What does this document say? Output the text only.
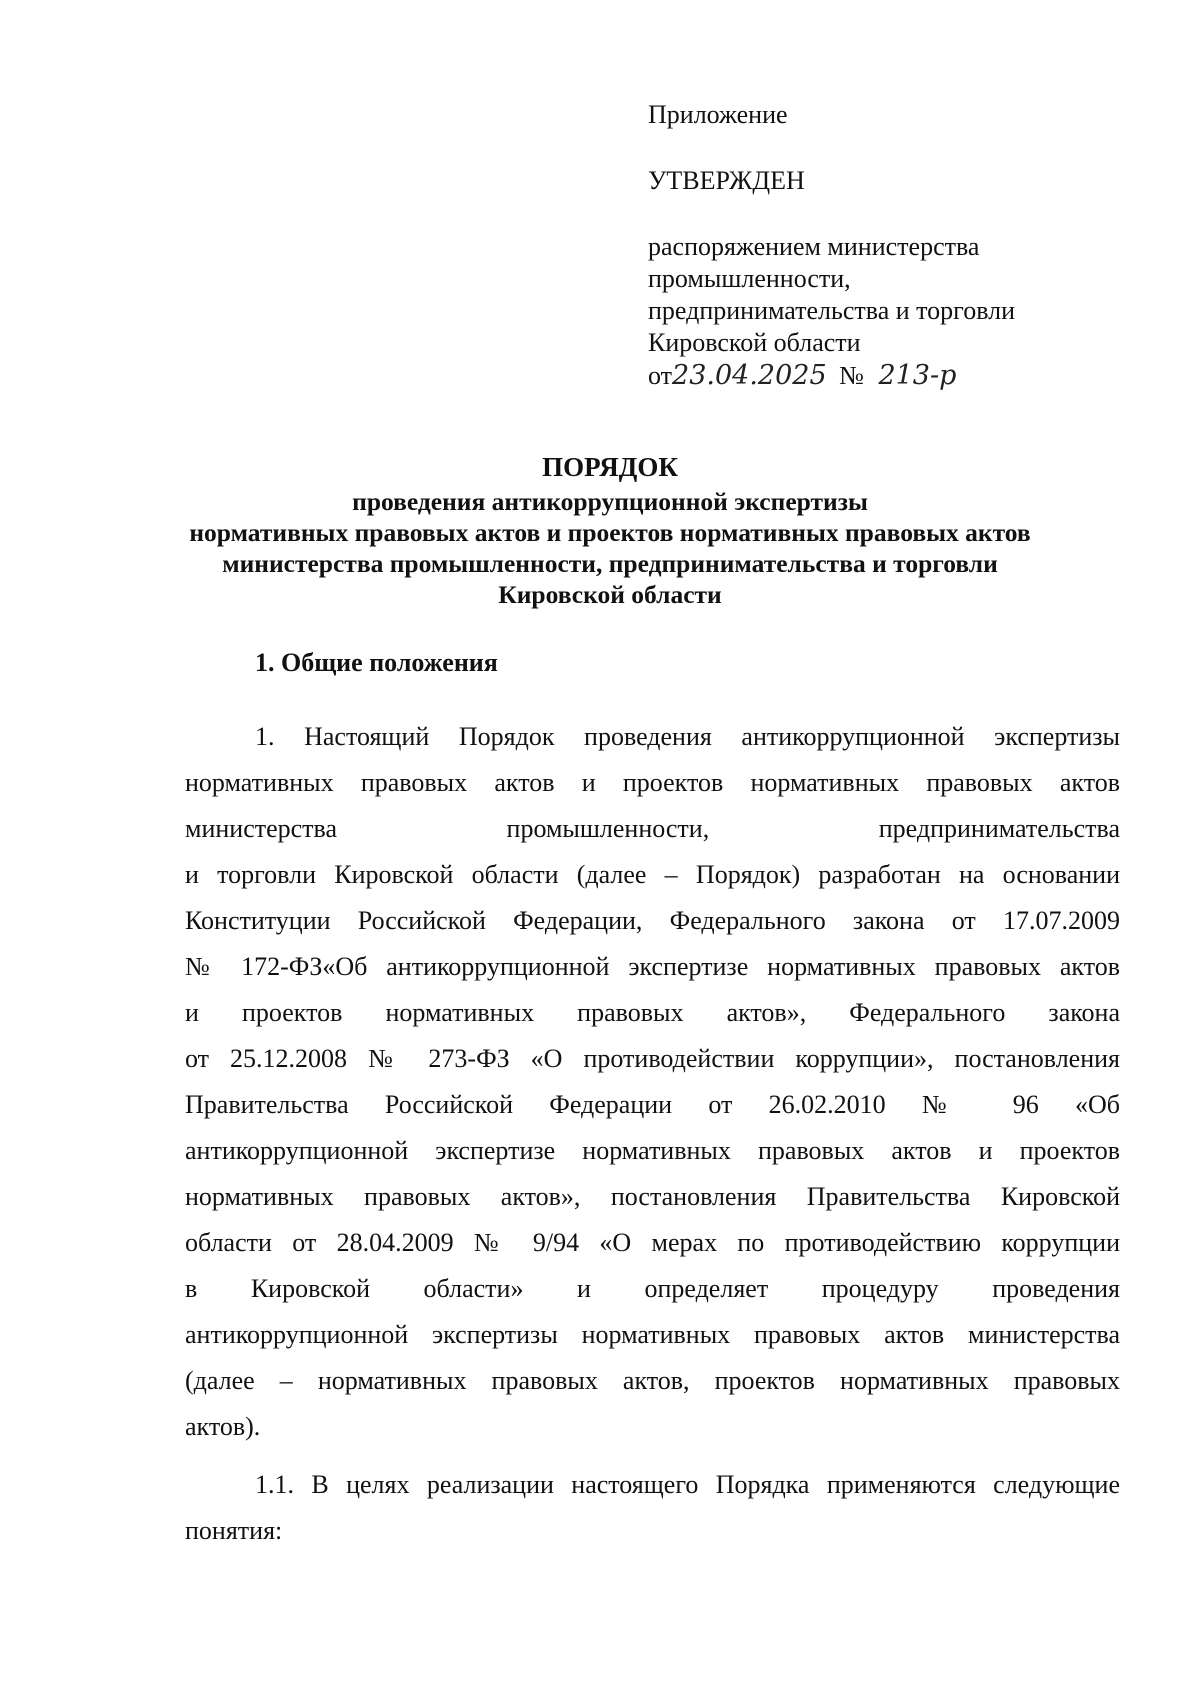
Приложение
УТВЕРЖДЕН
распоряжением министерства
промышленности,
предпринимательства и торговли
Кировской области
от23.04.2025 № 213-р
ПОРЯДОК
проведения антикоррупционной экспертизы
нормативных правовых актов и проектов нормативных правовых актов
министерства промышленности, предпринимательства и торговли
Кировской области
1. Общие положения
1. Настоящий Порядок проведения антикоррупционной экспертизы
нормативных правовых актов и проектов нормативных правовых актов
министерства промышленности, предпринимательства
и торговли Кировской области (далее – Порядок) разработан на основании
Конституции Российской Федерации, Федерального закона от 17.07.2009
№ 172-ФЗ«Об антикоррупционной экспертизе нормативных правовых актов
и проектов нормативных правовых актов», Федерального закона
от 25.12.2008 № 273-ФЗ «О противодействии коррупции», постановления
Правительства Российской Федерации от 26.02.2010 № 96 «Об
антикоррупционной экспертизе нормативных правовых актов и проектов
нормативных правовых актов», постановления Правительства Кировской
области от 28.04.2009 № 9/94 «О мерах по противодействию коррупции
в Кировской области» и определяет процедуру проведения
антикоррупционной экспертизы нормативных правовых актов министерства
(далее – нормативных правовых актов, проектов нормативных правовых
актов).
1.1. В целях реализации настоящего Порядка применяются следующие
понятия:
